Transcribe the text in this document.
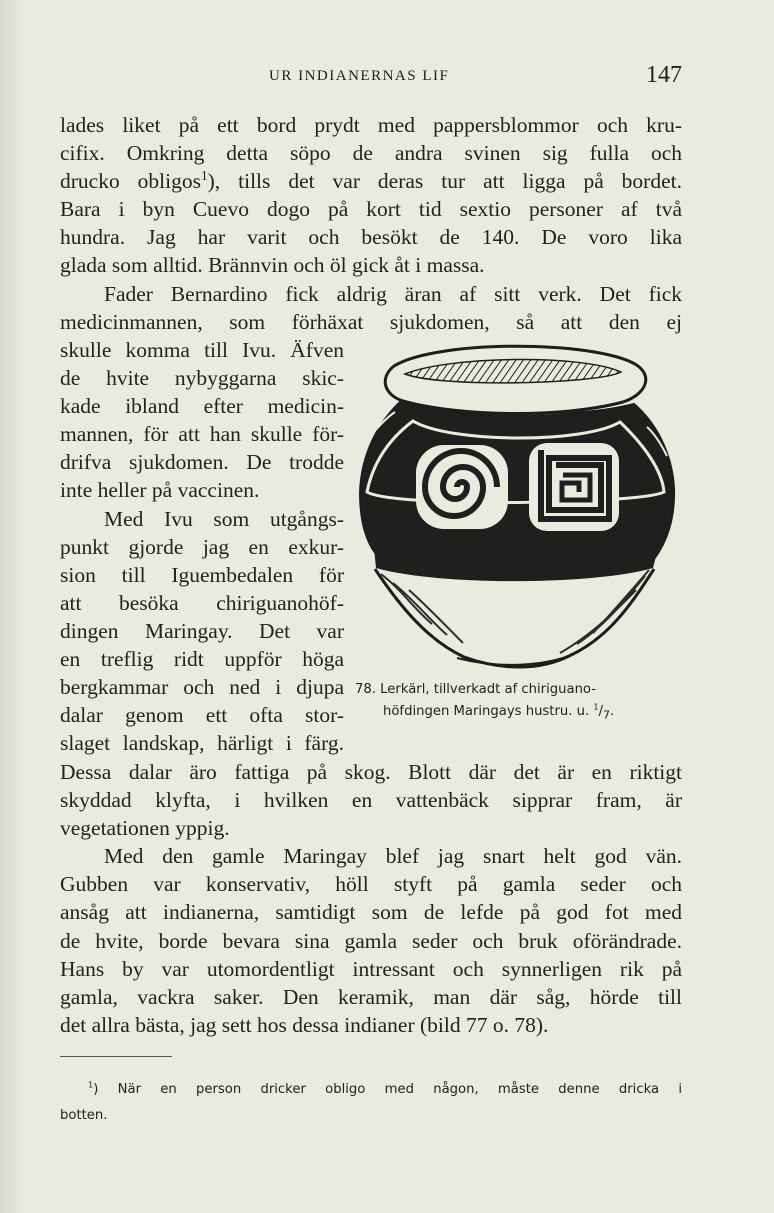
UR INDIANERNAS LIF	147
lades liket på ett bord prydt med pappersblommor och kru-
cifix. Omkring detta söpo de andra svinen sig fulla och
drucko obligos$^1$), tills det var deras tur att ligga på bordet.
Bara i byn Cuevo dogo på kort tid sextio personer af två
hundra. Jag har varit och besökt de 140. De voro lika
glada som alltid. Brännvin och öl gick åt i massa.
Fader Bernardino fick aldrig äran af sitt verk. Det fick
medicinmannen, som förhäxat sjukdomen, så att den ej
skulle komma till Ivu. Äfven
de hvite nybyggarna skic-
kade ibland efter medicin-
mannen, för att han skulle för-
drifva sjukdomen. De trodde
inte heller på vaccinen.
Med Ivu som utgångs-
punkt gjorde jag en exkur-
sion till Iguembedalen för
att besöka chiriguanohöf-
dingen Maringay. Det var
en treflig ridt uppför höga
bergkammar och ned i djupa
dalar genom ett ofta stor-
slaget landskap, härligt i färg.
78. Lerkärl, tillverkadt af chiriguano-
höfdingen Maringays hustru. u. $^1/_7$.
Dessa dalar äro fattiga på skog. Blott där det är en riktigt
skyddad klyfta, i hvilken en vattenbäck sipprar fram, är
vegetationen yppig.
Med den gamle Maringay blef jag snart helt god vän.
Gubben var konservativ, höll styft på gamla seder och
ansåg att indianerna, samtidigt som de lefde på god fot med
de hvite, borde bevara sina gamla seder och bruk oförändrade.
Hans by var utomordentligt intressant och synnerligen rik på
gamla, vackra saker. Den keramik, man där såg, hörde till
det allra bästa, jag sett hos dessa indianer (bild 77 o. 78).
$^1$) När en person dricker obligo med någon, måste denne dricka i
botten.
